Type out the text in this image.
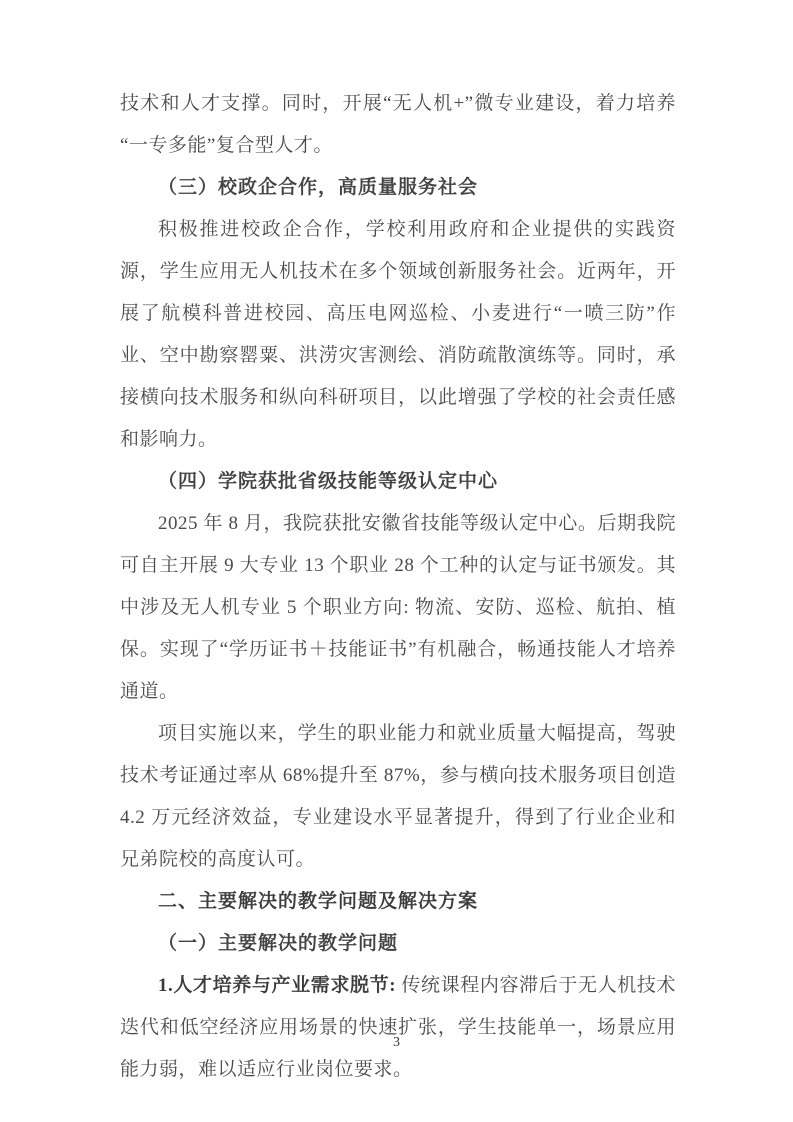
技术和人才支撑。同时，开展“无人机+”微专业建设，着力培养“一专多能”复合型人才。

（三）校政企合作，高质量服务社会

积极推进校政企合作，学校利用政府和企业提供的实践资源，学生应用无人机技术在多个领域创新服务社会。近两年，开展了航模科普进校园、高压电网巡检、小麦进行“一喷三防”作业、空中勘察罂粟、洪涝灾害测绘、消防疏散演练等。同时，承接横向技术服务和纵向科研项目，以此增强了学校的社会责任感和影响力。

（四）学院获批省级技能等级认定中心

2025 年 8 月，我院获批安徽省技能等级认定中心。后期我院可自主开展 9 大专业 13 个职业 28 个工种的认定与证书颁发。其中涉及无人机专业 5 个职业方向: 物流、安防、巡检、航拍、植保。实现了“学历证书＋技能证书”有机融合，畅通技能人才培养通道。

项目实施以来，学生的职业能力和就业质量大幅提高，驾驶技术考证通过率从 68%提升至 87%，参与横向技术服务项目创造 4.2 万元经济效益，专业建设水平显著提升，得到了行业企业和兄弟院校的高度认可。

二、主要解决的教学问题及解决方案

（一）主要解决的教学问题

1.人才培养与产业需求脱节: 传统课程内容滞后于无人机技术迭代和低空经济应用场景的快速扩张，学生技能单一，场景应用能力弱，难以适应行业岗位要求。

3
